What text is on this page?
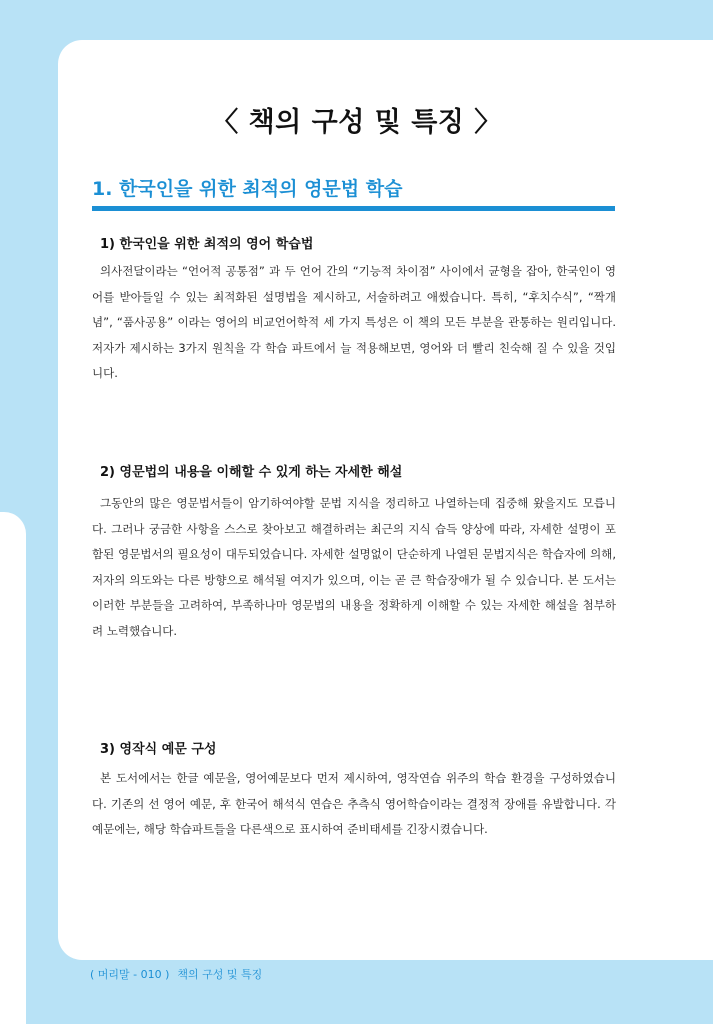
〈 책의 구성 및 특징 〉
1. 한국인을 위한 최적의 영문법 학습
1) 한국인을 위한 최적의 영어 학습법

의사전달이라는 “언어적 공통점” 과 두 언어 간의 “기능적 차이점” 사이에서 균형을 잡아, 한국인이 영어를 받아들일 수 있는 최적화된 설명법을 제시하고, 서술하려고 애썼습니다. 특히, “후치수식”, “짝개념”, “품사공용” 이라는 영어의 비교언어학적 세 가지 특성은 이 책의 모든 부분을 관통하는 원리입니다. 저자가 제시하는 3가지 원칙을 각 학습 파트에서 늘 적용해보면, 영어와 더 빨리 친숙해 질 수 있을 것입니다.

2) 영문법의 내용을 이해할 수 있게 하는 자세한 해설

그동안의 많은 영문법서들이 암기하여야할 문법 지식을 정리하고 나열하는데 집중해 왔을지도 모릅니다. 그러나 궁금한 사항을 스스로 찾아보고 해결하려는 최근의 지식 습득 양상에 따라, 자세한 설명이 포함된 영문법서의 필요성이 대두되었습니다. 자세한 설명없이 단순하게 나열된 문법지식은 학습자에 의해, 저자의 의도와는 다른 방향으로 해석될 여지가 있으며, 이는 곧 큰 학습장애가 될 수 있습니다. 본 도서는 이러한 부분들을 고려하여, 부족하나마 영문법의 내용을 정확하게 이해할 수 있는 자세한 해설을 첨부하려 노력했습니다.

3) 영작식 예문 구성

본 도서에서는 한글 예문을, 영어예문보다 먼저 제시하여, 영작연습 위주의 학습 환경을 구성하였습니다. 기존의 선 영어 예문, 후 한국어 해석식 연습은 추측식 영어학습이라는 결정적 장애를 유발합니다. 각 예문에는, 해당 학습파트들을 다른색으로 표시하여 준비태세를 긴장시켰습니다.

( 머리말 - 010 ) 책의 구성 및 특징
